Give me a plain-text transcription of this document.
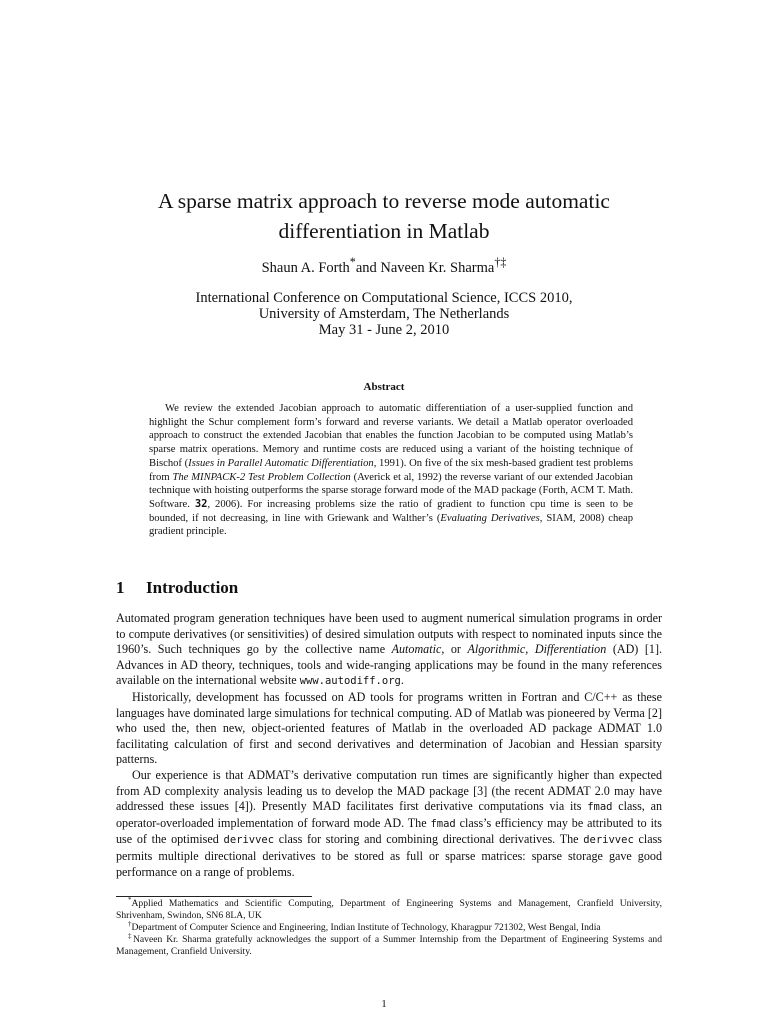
A sparse matrix approach to reverse mode automatic
differentiation in Matlab
Shaun A. Forth*and Naveen Kr. Sharma†‡
International Conference on Computational Science, ICCS 2010,
University of Amsterdam, The Netherlands
May 31 - June 2, 2010
Abstract

We review the extended Jacobian approach to automatic differentiation of a user-supplied function and highlight the Schur complement form’s forward and reverse variants. We detail a Matlab operator overloaded approach to construct the extended Jacobian that enables the function Jacobian to be computed using Matlab’s sparse matrix operations. Memory and runtime costs are reduced using a variant of the hoisting technique of Bischof (Issues in Parallel Automatic Differentiation, 1991). On five of the six mesh-based gradient test problems from The MINPACK-2 Test Problem Collection (Averick et al, 1992) the reverse variant of our extended Jacobian technique with hoisting outperforms the sparse storage forward mode of the MAD package (Forth, ACM T. Math. Software. 32, 2006). For increasing problems size the ratio of gradient to function cpu time is seen to be bounded, if not decreasing, in line with Griewank and Walther’s (Evaluating Derivatives, SIAM, 2008) cheap gradient principle.

1 Introduction

Automated program generation techniques have been used to augment numerical simulation programs in order to compute derivatives (or sensitivities) of desired simulation outputs with respect to nominated inputs since the 1960’s. Such techniques go by the collective name Automatic, or Algorithmic, Differentiation (AD) [1]. Advances in AD theory, techniques, tools and wide-ranging applications may be found in the many references available on the international website www.autodiff.org.

Historically, development has focussed on AD tools for programs written in Fortran and C/C++ as these languages have dominated large simulations for technical computing. AD of Matlab was pioneered by Verma [2] who used the, then new, object-oriented features of Matlab in the overloaded AD package ADMAT 1.0 facilitating calculation of first and second derivatives and determination of Jacobian and Hessian sparsity patterns.

Our experience is that ADMAT’s derivative computation run times are significantly higher than expected from AD complexity analysis leading us to develop the MAD package [3] (the recent ADMAT 2.0 may have addressed these issues [4]). Presently MAD facilitates first derivative computations via its fmad class, an operator-overloaded implementation of forward mode AD. The fmad class’s efficiency may be attributed to its use of the optimised derivvec class for storing and combining directional derivatives. The derivvec class permits multiple directional derivatives to be stored as full or sparse matrices: sparse storage gave good performance on a range of problems.

*Applied Mathematics and Scientific Computing, Department of Engineering Systems and Management, Cranfield University, Shrivenham, Swindon, SN6 8LA, UK

†Department of Computer Science and Engineering, Indian Institute of Technology, Kharagpur 721302, West Bengal, India

‡Naveen Kr. Sharma gratefully acknowledges the support of a Summer Internship from the Department of Engineering Systems and Management, Cranfield University.

1
